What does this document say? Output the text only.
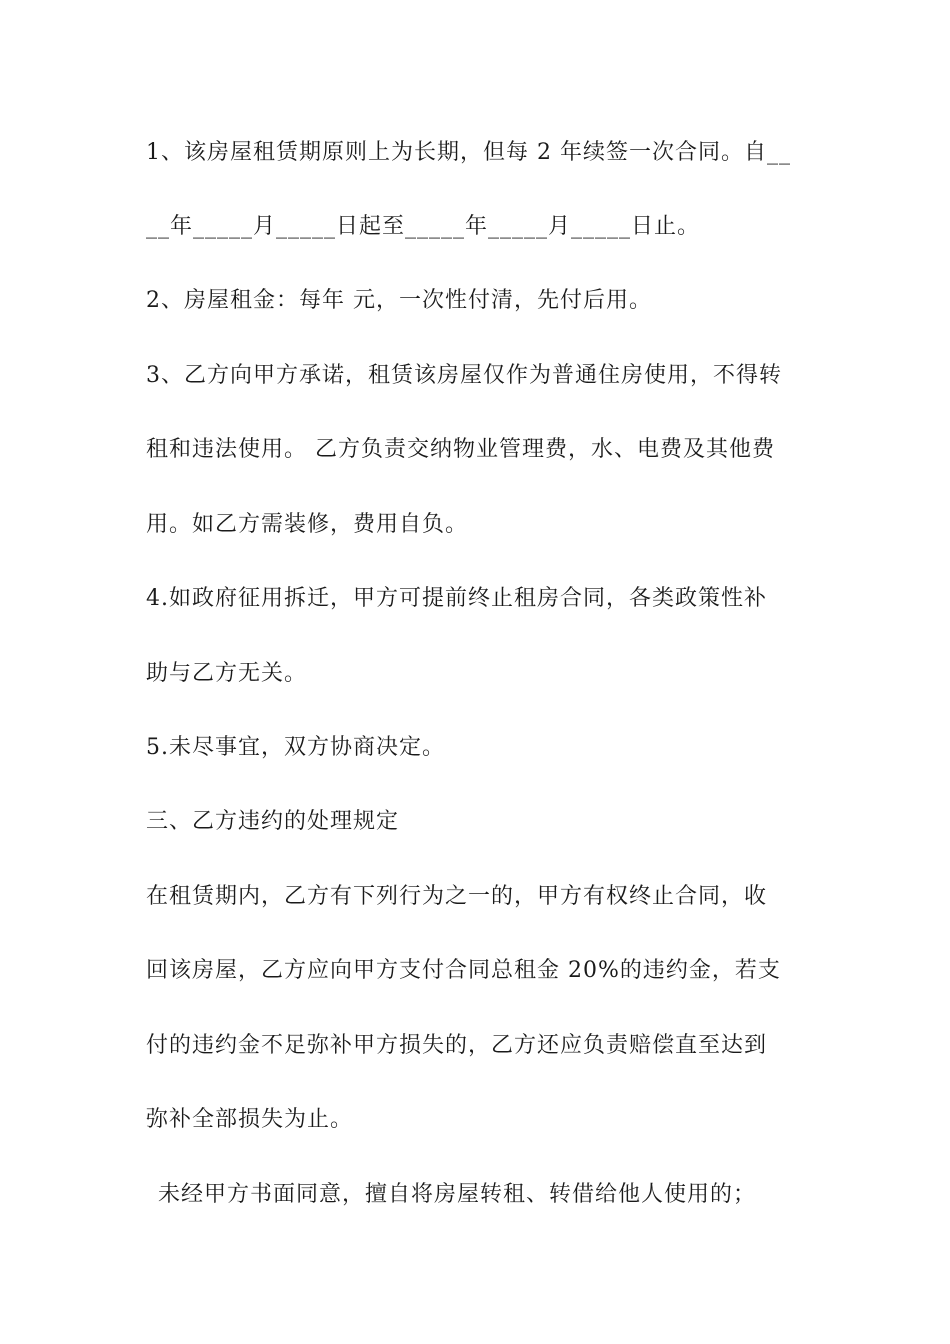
1、该房屋租赁期原则上为长期，但每 2 年续签一次合同。自__
__年_____月_____日起至_____年_____月_____日止。
2、房屋租金：每年 元，一次性付清，先付后用。
3、乙方向甲方承诺，租赁该房屋仅作为普通住房使用，不得转
租和违法使用。 乙方负责交纳物业管理费，水、电费及其他费
用。如乙方需装修，费用自负。
4.如政府征用拆迁，甲方可提前终止租房合同，各类政策性补
助与乙方无关。
5.未尽事宜，双方协商决定。
三、乙方违约的处理规定
在租赁期内，乙方有下列行为之一的，甲方有权终止合同，收
回该房屋，乙方应向甲方支付合同总租金 20%的违约金，若支
付的违约金不足弥补甲方损失的，乙方还应负责赔偿直至达到
弥补全部损失为止。
未经甲方书面同意，擅自将房屋转租、转借给他人使用的；
